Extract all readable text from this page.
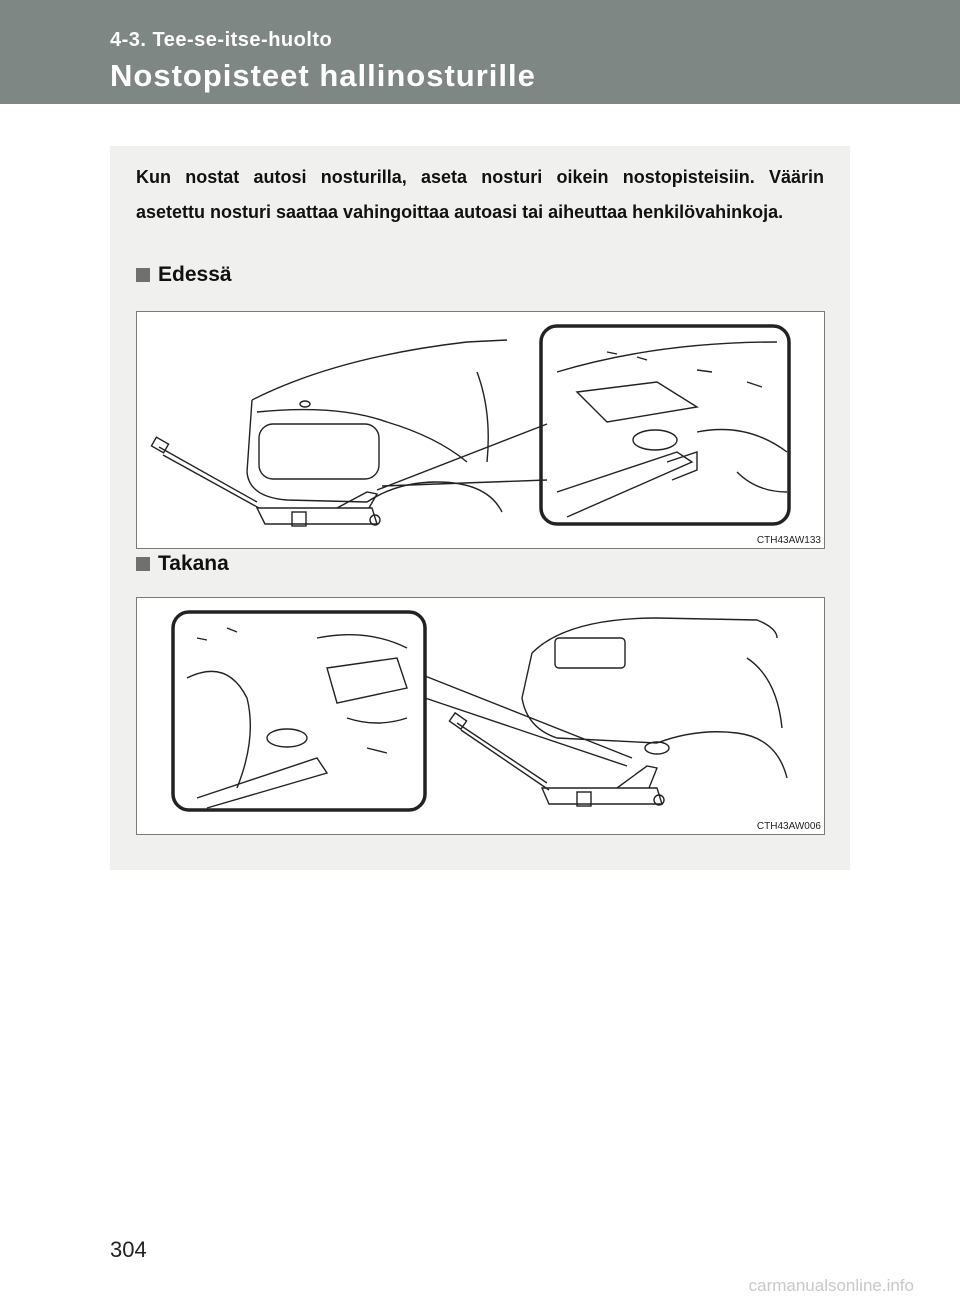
4-3. Tee-se-itse-huolto
Nostopisteet hallinosturille

Kun nostat autosi nosturilla, aseta nosturi oikein nostopisteisiin. Väärin asetettu nosturi saattaa vahingoittaa autoasi tai aiheuttaa henkilövahinkoja.

Edessä
CTH43AW133
Takana
CTH43AW006
304
carmanualsonline.info
